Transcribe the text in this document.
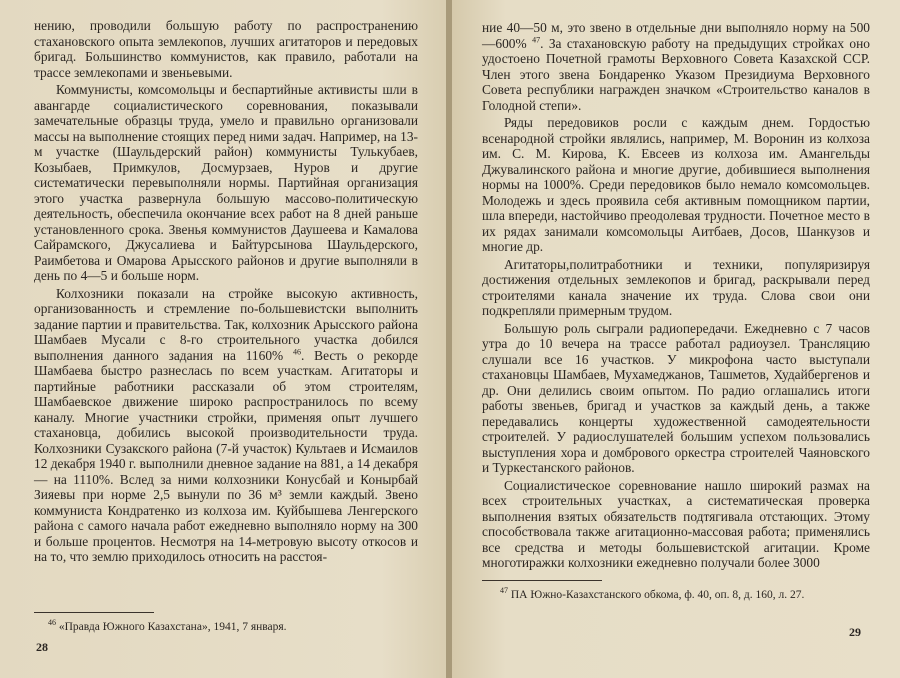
нению, проводили большую работу по распространению стахановского опыта землекопов, лучших агитаторов и передовых бригад. Большинство коммунистов, как правило, работали на трассе землекопами и звеньевыми.

Коммунисты, комсомольцы и беспартийные активисты шли в авангарде социалистического соревнования, показывали замечательные образцы труда, умело и правильно организовали массы на выполнение стоящих перед ними задач. Например, на 13-м участке (Шаульдерский район) коммунисты Тулькубаев, Козыбаев, Примкулов, Досмурзаев, Нуров и другие систематически перевыполняли нормы. Партийная организация этого участка развернула большую массово-политическую деятельность, обеспечила окончание всех работ на 8 дней раньше установленного срока. Звенья коммунистов Даушеева и Камалова Сайрамского, Джусалиева и Байтурсынова Шаульдерского, Раимбетова и Омарова Арысского районов и другие выполняли в день по 4—5 и больше норм.

Колхозники показали на стройке высокую активность, организованность и стремление по-большевистски выполнить задание партии и правительства. Так, колхозник Арысского района Шамбаев Мусали с 8-го строительного участка добился выполнения данного задания на 1160% $^{46}$. Весть о рекорде Шамбаева быстро разнеслась по всем участкам. Агитаторы и партийные работники рассказали об этом строителям, Шамбаевское движение широко распространилось по всему каналу. Многие участники стройки, применяя опыт лучшего стахановца, добились высокой производительности труда. Колхозники Сузакского района (7-й участок) Культаев и Исмаилов 12 декабря 1940 г. выполнили дневное задание на 881, а 14 декабря — на 1110%. Вслед за ними колхозники Конусбай и Конырбай Зияевы при норме 2,5 вынули по 36 м³ земли каждый. Звено коммуниста Кондратенко из колхоза им. Куйбышева Ленгерского района с самого начала работ ежедневно выполняло норму на 300 и больше процентов. Несмотря на 14-метровую высоту откосов и на то, что землю приходилось относить на расстоя-

$^{46}$ «Правда Южного Казахстана», 1941, 7 января.
28

ние 40—50 м, это звено в отдельные дни выполняло норму на 500—600% $^{47}$. За стахановскую работу на предыдущих стройках оно удостоено Почетной грамоты Верховного Совета Казахской ССР. Член этого звена Бондаренко Указом Президиума Верховного Совета республики награжден значком «Строительство каналов в Голодной степи».

Ряды передовиков росли с каждым днем. Гордостью всенародной стройки являлись, например, М. Воронин из колхоза им. С. М. Кирова, К. Евсеев из колхоза им. Амангельды Джувалинского района и многие другие, добившиеся выполнения нормы на 1000%. Среди передовиков было немало комсомольцев. Молодежь и здесь проявила себя активным помощником партии, шла впереди, настойчиво преодолевая трудности. Почетное место в их рядах занимали комсомольцы Аитбаев, Досов, Шанкузов и многие др.

Агитаторы,политработники и техники, популяризируя достижения отдельных землекопов и бригад, раскрывали перед строителями канала значение их труда. Слова свои они подкрепляли примерным трудом.

Большую роль сыграли радиопередачи. Ежедневно с 7 часов утра до 10 вечера на трассе работал радиоузел. Трансляцию слушали все 16 участков. У микрофона часто выступали стахановцы Шамбаев, Мухамеджанов, Ташметов, Худайбергенов и др. Они делились своим опытом. По радио оглашались итоги работы звеньев, бригад и участков за каждый день, а также передавались концерты художественной самодеятельности строителей. У радиослушателей большим успехом пользовались выступления хора и домбрового оркестра строителей Чаяновского и Туркестанского районов.

Социалистическое соревнование нашло широкий размах на всех строительных участках, а систематическая проверка выполнения взятых обязательств подтягивала отстающих. Этому способствовала также агитационно-массовая работа; применялись все средства и методы большевистской агитации. Кроме многотиражки колхозники ежедневно получали более 3000

$^{47}$ ПА Южно-Казахстанского обкома, ф. 40, оп. 8, д. 160, л. 27.
29
